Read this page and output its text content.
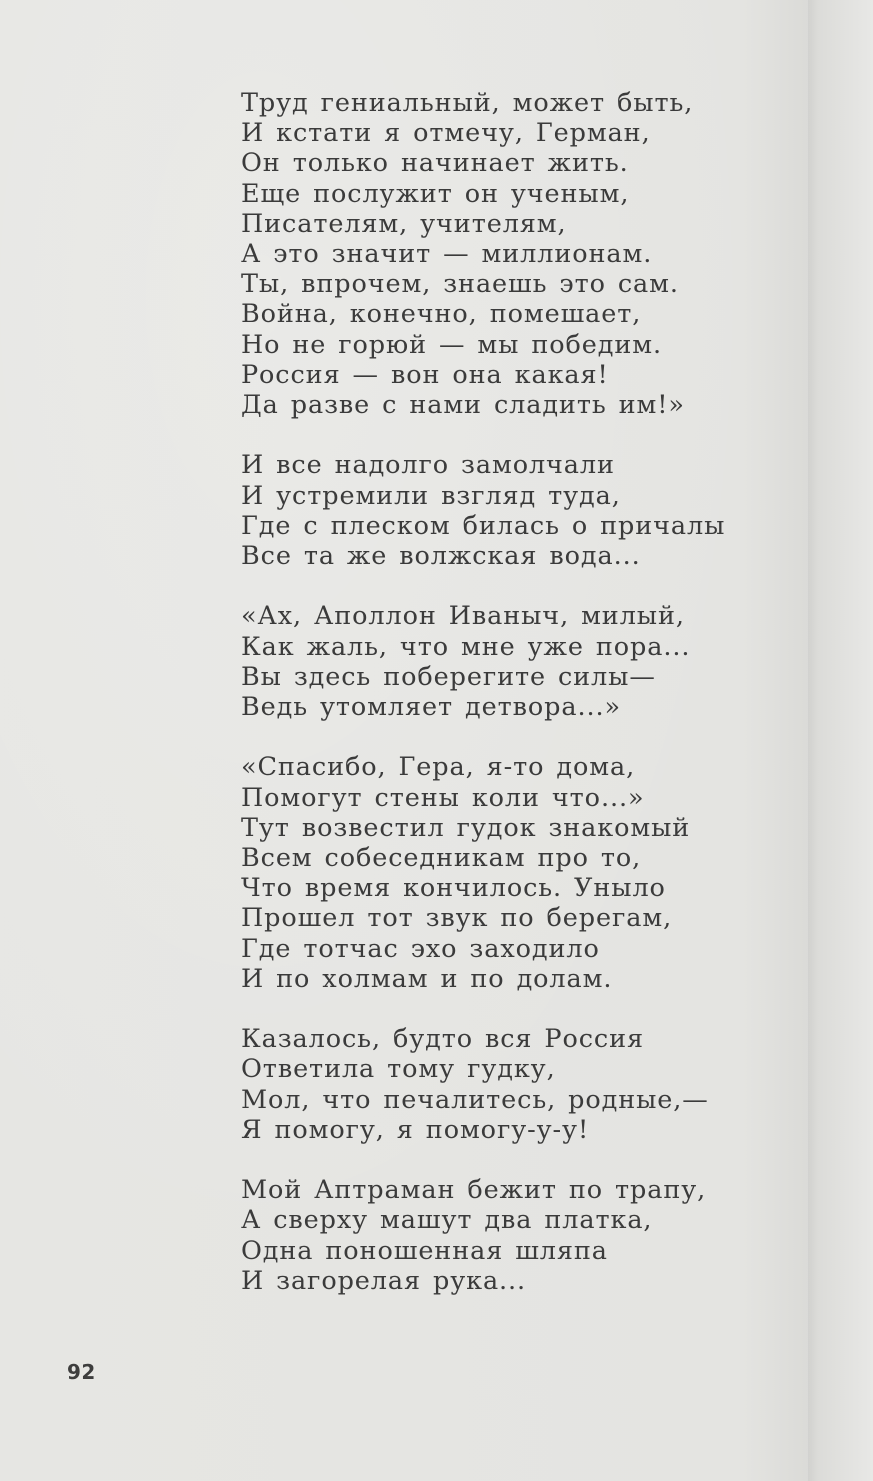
Труд гениальный, может быть,
И кстати я отмечу, Герман,
Он только начинает жить.
Еще послужит он ученым,
Писателям, учителям,
А это значит — миллионам.
Ты, впрочем, знаешь это сам.
Война, конечно, помешает,
Но не горюй — мы победим.
Россия — вон она какая!
Да разве с нами сладить им!»
И все надолго замолчали
И устремили взгляд туда,
Где с плеском билась о причалы
Все та же волжская вода...
«Ах, Аполлон Иваныч, милый,
Как жаль, что мне уже пора...
Вы здесь поберегите силы—
Ведь утомляет детвора...»
«Спасибо, Гера, я-то дома,
Помогут стены коли что...»
Тут возвестил гудок знакомый
Всем собеседникам про то,
Что время кончилось. Уныло
Прошел тот звук по берегам,
Где тотчас эхо заходило
И по холмам и по долам.
Казалось, будто вся Россия
Ответила тому гудку,
Мол, что печалитесь, родные,—
Я помогу, я помогу-у-у!
Мой Аптраман бежит по трапу,
А сверху машут два платка,
Одна поношенная шляпа
И загорелая рука...
92
